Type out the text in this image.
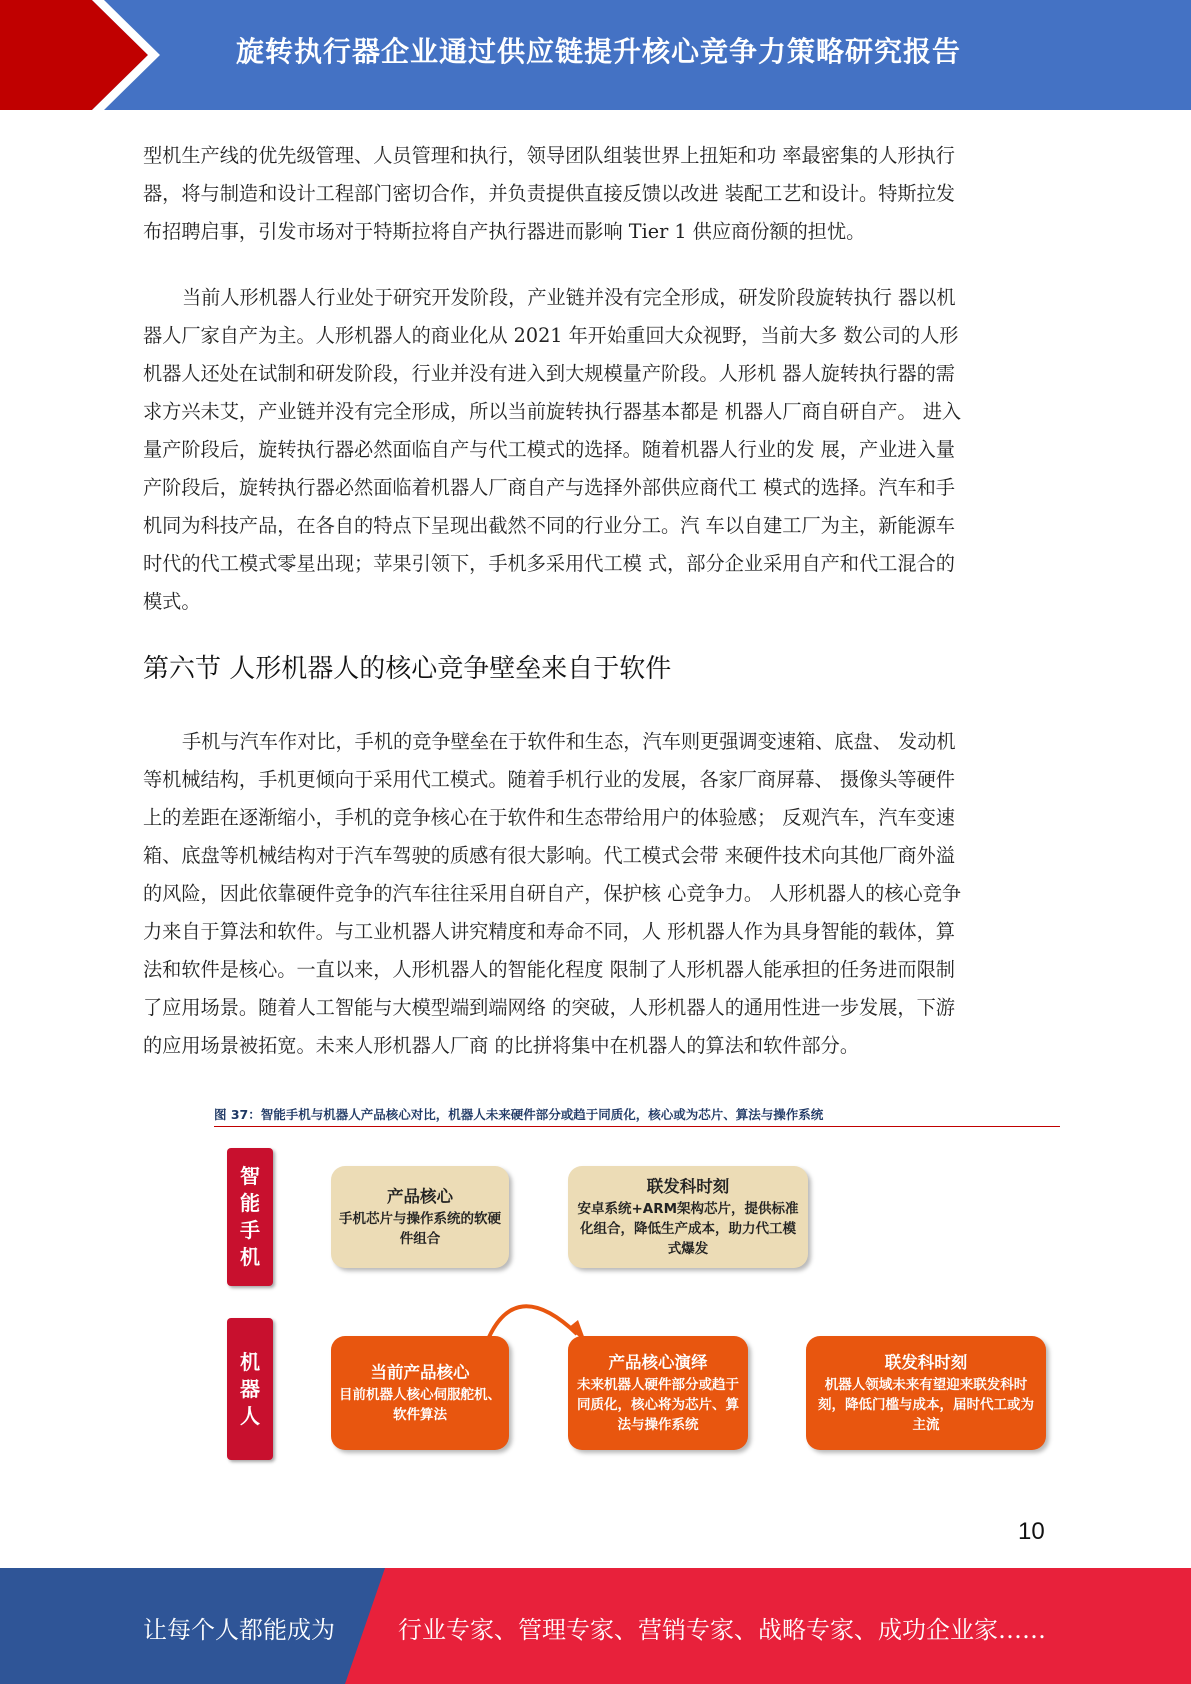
旋转执行器企业通过供应链提升核心竞争力策略研究报告
型机生产线的优先级管理、人员管理和执行，领导团队组装世界上扭矩和功 率最密集的人形执行
器，将与制造和设计工程部门密切合作，并负责提供直接反馈以改进 装配工艺和设计。特斯拉发
布招聘启事，引发市场对于特斯拉将自产执行器进而影响 Tier 1 供应商份额的担忧。
当前人形机器人行业处于研究开发阶段，产业链并没有完全形成，研发阶段旋转执行 器以机
器人厂家自产为主。人形机器人的商业化从 2021 年开始重回大众视野，当前大多 数公司的人形
机器人还处在试制和研发阶段，行业并没有进入到大规模量产阶段。人形机 器人旋转执行器的需
求方兴未艾，产业链并没有完全形成，所以当前旋转执行器基本都是 机器人厂商自研自产。 进入
量产阶段后，旋转执行器必然面临自产与代工模式的选择。随着机器人行业的发 展，产业进入量
产阶段后，旋转执行器必然面临着机器人厂商自产与选择外部供应商代工 模式的选择。汽车和手
机同为科技产品，在各自的特点下呈现出截然不同的行业分工。汽 车以自建工厂为主，新能源车
时代的代工模式零星出现；苹果引领下，手机多采用代工模 式，部分企业采用自产和代工混合的
模式。
第六节 人形机器人的核心竞争壁垒来自于软件
手机与汽车作对比，手机的竞争壁垒在于软件和生态，汽车则更强调变速箱、底盘、 发动机
等机械结构，手机更倾向于采用代工模式。随着手机行业的发展，各家厂商屏幕、 摄像头等硬件
上的差距在逐渐缩小，手机的竞争核心在于软件和生态带给用户的体验感； 反观汽车，汽车变速
箱、底盘等机械结构对于汽车驾驶的质感有很大影响。代工模式会带 来硬件技术向其他厂商外溢
的风险，因此依靠硬件竞争的汽车往往采用自研自产，保护核 心竞争力。 人形机器人的核心竞争
力来自于算法和软件。与工业机器人讲究精度和寿命不同，人 形机器人作为具身智能的载体，算
法和软件是核心。一直以来，人形机器人的智能化程度 限制了人形机器人能承担的任务进而限制
了应用场景。随着人工智能与大模型端到端网络 的突破，人形机器人的通用性进一步发展，下游
的应用场景被拓宽。未来人形机器人厂商 的比拼将集中在机器人的算法和软件部分。
图 37：智能手机与机器人产品核心对比，机器人未来硬件部分或趋于同质化，核心或为芯片、算法与操作系统
智
能
手
机
产品核心
手机芯片与操作系统的软硬件组合
联发科时刻
安卓系统+ARM架构芯片，提供标准化组合，降低生产成本，助力代工模式爆发
机
器
人
当前产品核心
目前机器人核心伺服舵机、软件算法
产品核心演绎
未来机器人硬件部分或趋于同质化，核心将为芯片、算法与操作系统
联发科时刻
机器人领域未来有望迎来联发科时刻，降低门槛与成本，届时代工或为主流
10
让每个人都能成为	行业专家、管理专家、营销专家、战略专家、成功企业家……
